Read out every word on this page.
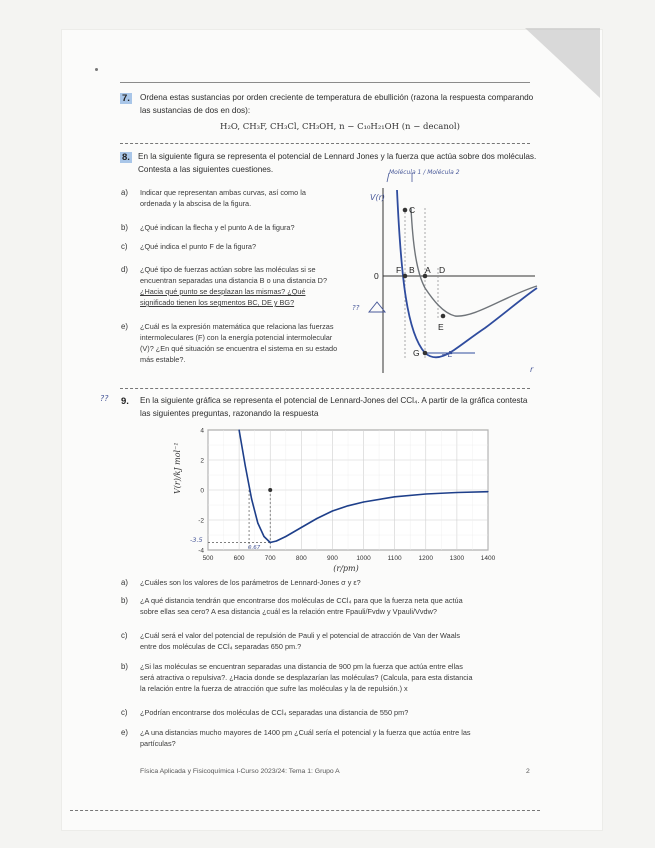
7. Ordena estas sustancias por orden creciente de temperatura de ebullición (razona la respuesta comparando las sustancias de dos en dos):
H₂O, CH₃F, CH₃Cl, CH₃OH, n − C₁₀H₂₁OH (n − decanol)
8. En la siguiente figura se representa el potencial de Lennard Jones y la fuerza que actúa sobre dos moléculas. Contesta a las siguientes cuestiones.
a) Indicar que representan ambas curvas, así como la
ordenada y la abscisa de la figura.
b) ¿Qué indican la flecha y el punto A de la figura?
c) ¿Qué indica el punto F de la figura?
d) ¿Qué tipo de fuerzas actúan sobre las moléculas si se
encuentran separadas una distancia B o una distancia D?
¿Hacia qué punto se desplazan las mismas? ¿Qué
significado tienen los segmentos BC, DE y BG?
e) ¿Cuál es la expresión matemática que relaciona las fuerzas
intermoleculares (F) con la energía potencial intermolecular
(V)? ¿En qué situación se encuentra el sistema en su estado
más estable?.
C
F B A D
E
G
0
Molécula 1 / Molécula 2
V(r)
r
−E
??
?? 9. En la siguiente gráfica se representa el potencial de Lennard-Jones del CCl₄. A partir de la gráfica contesta las siguientes preguntas, razonando la respuesta
500	600	700	800	900	1000	1100	1200	1300	1400
4
2
0
-2
-4
V(r)/kJ mol⁻¹
(r/pm)
-3.5
0.67
a) ¿Cuáles son los valores de los parámetros de Lennard-Jones σ y ε?
b) ¿A qué distancia tendrán que encontrarse dos moléculas de CCl₄ para que la fuerza neta que actúa
sobre ellas sea cero? A esa distancia ¿cuál es la relación entre Fpauli/Fvdw y Vpauli/Vvdw?
c) ¿Cuál será el valor del potencial de repulsión de Pauli y el potencial de atracción de Van der Waals
entre dos moléculas de CCl₄ separadas 650 pm.?
b) ¿Si las moléculas se encuentran separadas una distancia de 900 pm la fuerza que actúa entre ellas
será atractiva o repulsiva?. ¿Hacia donde se desplazarían las moléculas? (Calcula, para esta distancia
la relación entre la fuerza de atracción que sufre las moléculas y la de repulsión.) x
c) ¿Podrían encontrarse dos moléculas de CCl₄ separadas una distancia de 550 pm?
e) ¿A una distancias mucho mayores de 1400 pm ¿Cuál sería el potencial y la fuerza que actúa entre las
partículas?
Física Aplicada y Fisicoquímica I-Curso 2023/24: Tema 1: Grupo A	2
